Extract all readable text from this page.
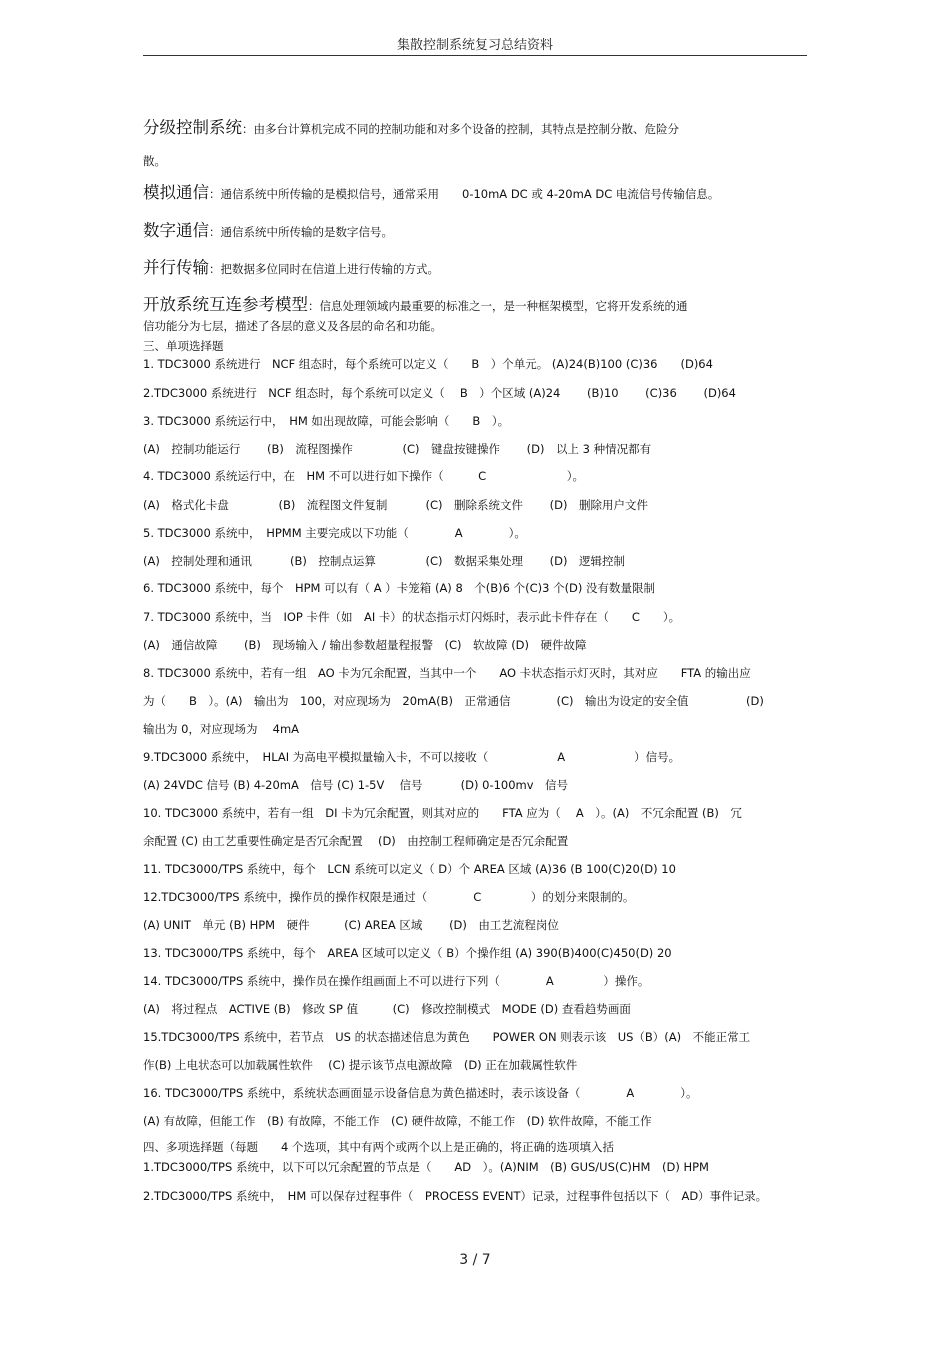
集散控制系统复习总结资料
分级控制系统：由多台计算机完成不同的控制功能和对多个设备的控制，其特点是控制分散、危险分
散。
模拟通信：通信系统中所传输的是模拟信号，通常采用　　0-10mA DC 或 4-20mA DC 电流信号传输信息。
数字通信：通信系统中所传输的是数字信号。
并行传输：把数据多位同时在信道上进行传输的方式。
开放系统互连参考模型：信息处理领域内最重要的标准之一，是一种框架模型，它将开发系统的通
信功能分为七层，描述了各层的意义及各层的命名和功能。
三、单项选择题
1. TDC3000 系统进行　NCF 组态时，每个系统可以定义（　　B　）个单元。 (A)24(B)100 (C)36　　(D)64
2.TDC3000 系统进行　NCF 组态时，每个系统可以定义（　 B　）个区域 (A)24　　 (B)10　　 (C)36　　 (D)64
3. TDC3000 系统运行中，　HM 如出现故障，可能会影响（　　B　）。
(A)　控制功能运行　　 (B)　流程图操作　　　　 (C)　键盘按键操作　　 (D)　以上 3 种情况都有
4. TDC3000 系统运行中，在　HM 不可以进行如下操作（　　　C　　　　　　　）。
(A)　格式化卡盘　　　　 (B)　流程图文件复制　　　 (C)　删除系统文件　　 (D)　删除用户文件
5. TDC3000 系统中，　HPMM 主要完成以下功能（　　　　A　　　　）。
(A)　控制处理和通讯　　　 (B)　控制点运算　　　　 (C)　数据采集处理　　 (D)　逻辑控制
6. TDC3000 系统中，每个　HPM 可以有（ A ）卡笼箱 (A) 8　个(B)6 个(C)3 个(D) 没有数量限制
7. TDC3000 系统中，当　IOP 卡件（如　AI 卡）的状态指示灯闪烁时，表示此卡件存在（　　C　　）。
(A)　通信故障　　 (B)　现场输入 / 输出参数超量程报警　(C)　软故障 (D)　硬件故障
8. TDC3000 系统中，若有一组　AO 卡为冗余配置，当其中一个　　AO 卡状态指示灯灭时，其对应　　FTA 的输出应
为（　　B　）。(A)　输出为　100，对应现场为　20mA(B)　正常通信　　　　(C)　输出为设定的安全值　　　　　(D)
输出为 0，对应现场为　 4mA
9.TDC3000 系统中，　HLAI 为高电平模拟量输入卡，不可以接收（　　　　　　A　　　　　　）信号。
(A) 24VDC 信号 (B) 4-20mA　信号 (C) 1-5V　 信号　　　 (D) 0-100mv　信号
10. TDC3000 系统中，若有一组　DI 卡为冗余配置，则其对应的　　FTA 应为（　 A　）。(A)　不冗余配置 (B)　冗
余配置 (C) 由工艺重要性确定是否冗余配置　 (D)　由控制工程师确定是否冗余配置
11. TDC3000/TPS 系统中，每个　LCN 系统可以定义（ D）个 AREA 区域 (A)36 (B 100(C)20(D) 10
12.TDC3000/TPS 系统中，操作员的操作权限是通过（　　　　C　　　　 ）的划分来限制的。
(A) UNIT　单元 (B) HPM　硬件　　　(C) AREA 区域　　 (D)　由工艺流程岗位
13. TDC3000/TPS 系统中，每个　AREA 区域可以定义（ B）个操作组 (A) 390(B)400(C)450(D) 20
14. TDC3000/TPS 系统中，操作员在操作组画面上不可以进行下列（　　　　A　　　　 ）操作。
(A)　将过程点　ACTIVE (B)　修改 SP 值　　　(C)　修改控制模式　MODE (D) 查看趋势画面
15.TDC3000/TPS 系统中，若节点　US 的状态描述信息为黄色　　POWER ON 则表示该　US（B）(A)　不能正常工
作(B) 上电状态可以加载属性软件　 (C) 提示该节点电源故障　(D) 正在加载属性软件
16. TDC3000/TPS 系统中，系统状态画面显示设备信息为黄色描述时，表示该设备（　　　　A　　　　）。
(A) 有故障，但能工作　(B) 有故障，不能工作　(C) 硬件故障，不能工作　(D) 软件故障，不能工作
四、多项选择题（每题　　4 个选项，其中有两个或两个以上是正确的，将正确的选项填入括
1.TDC3000/TPS 系统中，以下可以冗余配置的节点是（　　AD　）。(A)NIM　(B) GUS/US(C)HM　(D) HPM
2.TDC3000/TPS 系统中，　HM 可以保存过程事件（　PROCESS EVENT）记录，过程事件包括以下（　AD）事件记录。
3 / 7
